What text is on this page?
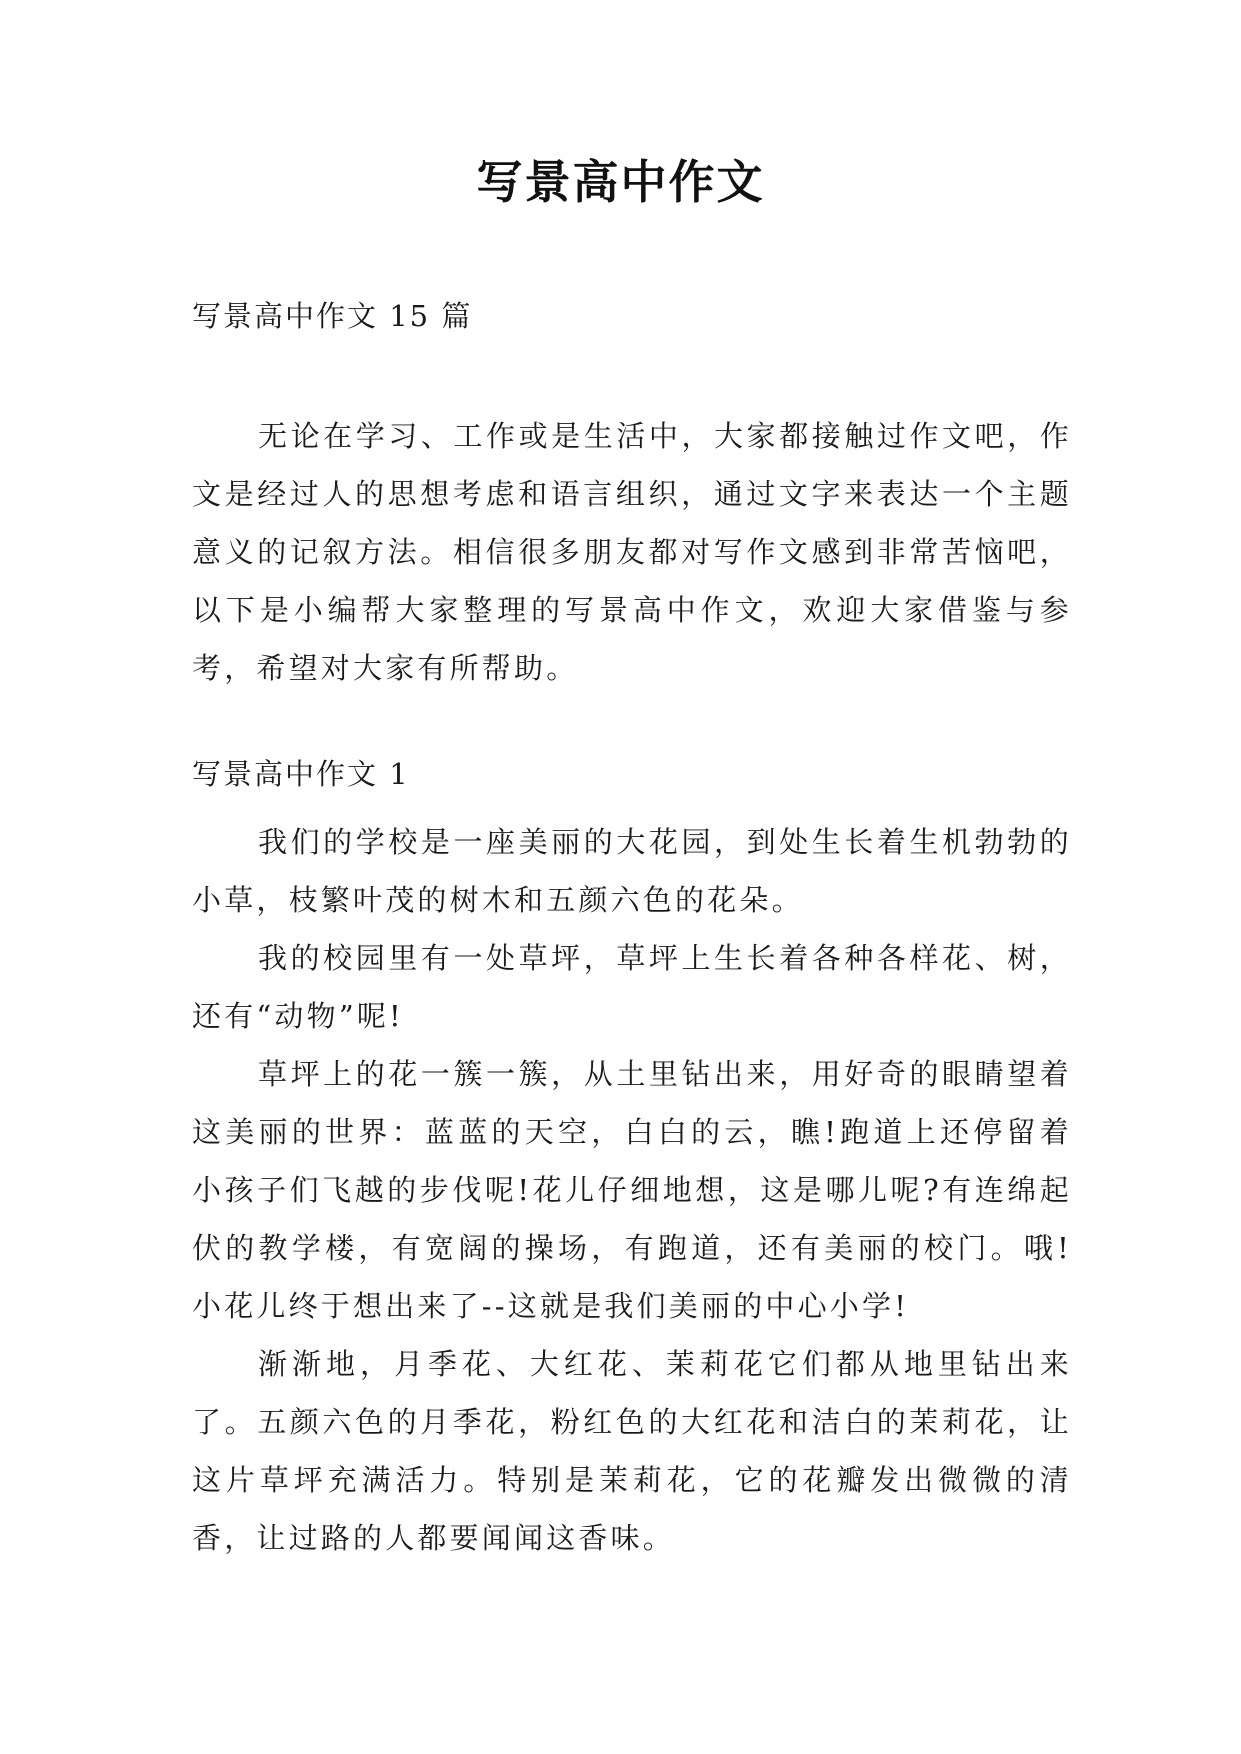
写景高中作文

写景高中作文 15 篇

无论在学习、工作或是生活中，大家都接触过作文吧，作文是经过人的思想考虑和语言组织，通过文字来表达一个主题意义的记叙方法。相信很多朋友都对写作文感到非常苦恼吧，以下是小编帮大家整理的写景高中作文，欢迎大家借鉴与参考，希望对大家有所帮助。

写景高中作文 1

我们的学校是一座美丽的大花园，到处生长着生机勃勃的小草，枝繁叶茂的树木和五颜六色的花朵。

我的校园里有一处草坪，草坪上生长着各种各样花、树，还有“动物”呢!

草坪上的花一簇一簇，从土里钻出来，用好奇的眼睛望着这美丽的世界：蓝蓝的天空，白白的云，瞧!跑道上还停留着小孩子们飞越的步伐呢!花儿仔细地想，这是哪儿呢?有连绵起伏的教学楼，有宽阔的操场，有跑道，还有美丽的校门。哦!小花儿终于想出来了--这就是我们美丽的中心小学!

渐渐地，月季花、大红花、茉莉花它们都从地里钻出来了。五颜六色的月季花，粉红色的大红花和洁白的茉莉花，让这片草坪充满活力。特别是茉莉花，它的花瓣发出微微的清香，让过路的人都要闻闻这香味。
